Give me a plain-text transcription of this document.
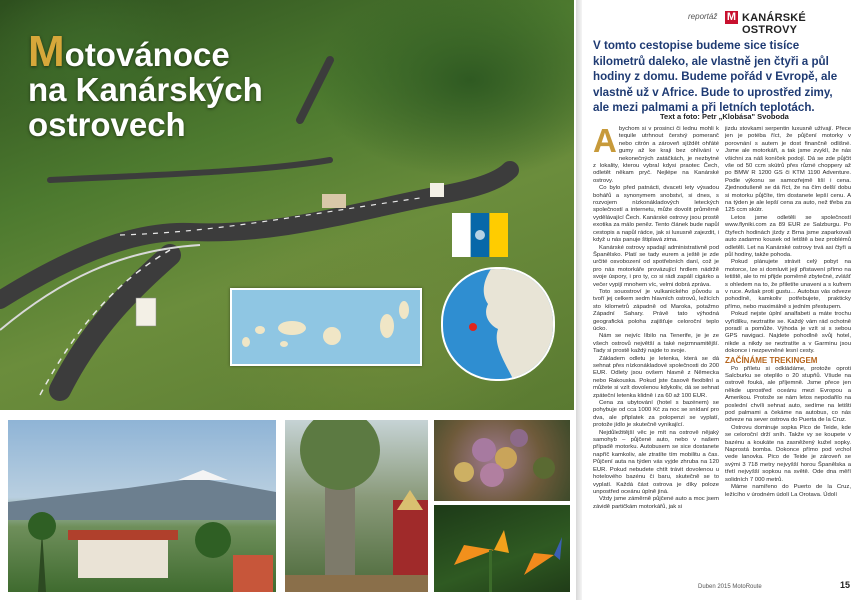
Motovánoce
na Kanárských
ostrovech
reportáž M KANÁRSKÉ OSTROVY
V tomto cestopise budeme sice tisíce kilometrů daleko, ale vlastně jen čtyři a půl hodiny z domu. Budeme pořád v Evropě, ale vlastně už v Africe. Bude to uprostřed zimy, ale mezi palmami a při letních teplotách.
Text a foto: Petr „Klobása" Svoboda

Abychom si v prosinci či lednu mohli k tequile utrhnout čerstvý pomeranč nebo citrón a zároveň sjíždět ohřáté gumy až ke kraji bez ohlívání v nekonečných zatáčkách, je nezbytné z lokality, kterou vybral kdysi praotec Čech, odletět někam pryč. Nejlépe na Kanárské ostrovy.

Co bylo před patnácti, dvaceti lety výsadou bohářů a synonymem snobství, si dnes, s rozvojem nízkonákladových leteckých společností a internetu, může dovolit průměrně vydělávající Čech. Kanárské ostrovy jsou prostě exotika za málo peněz. Tento článek bude napůl cestopis a napůl rádce, jak si luxusně zajezdit, i když u nás panuje štiplavá zima.

Kanárské ostrovy spadají administrativně pod Španělsko. Platí se tady eurem a ještě je zde určité osvobození od spotřebních daní, což je pro nás motorkáře provázující hrdlem nádržě svoje úspory, i pro ty, co si rádi zapálí cigárko a večer vypijí mnohem víc, velmi dobrá zpráva.

Toto souostroví je vulkanického původu a tvoří jej celkem sedm hlavních ostrovů, ležících sto kilometrů západně od Maroka, potažmo Západní Sahary. Právě tato výhodná geografická poloha zajišťuje celoroční teplo úcko.

Nám se nejvíc líbilo na Tenerife, je je ze všech ostrovů největší a také nejzmnamitější. Tady si prostě každý najde to svoje.

Základem odletu je letenka, která se dá sehnat přes nízkonákladové společnosti do 200 EUR. Odlety jsou ovšem hlavně z Německa nebo Rakouska. Pokud jste časově flexibilní a můžete si vzít dovolenou kdykoliv, dá se sehnat zpáteční letenka klidně i za 60 až 100 EUR.

Cena za ubytování (hotel s bazénem) se pohybuje od cca 1000 Kč za noc se snídaní pro dva, ale připlatek za polopenzi se vyplatí, protože jídlo je skutečně vynikající.

Nejdůležitější věc je mít na ostrově nějaký samohyb – půjčené auto, nebo v našem případě motorku. Autobusem se sice dostanete napříč kamkoliv, ale ztratíte tím mobilitu a čas. Půjčení auta na týden vás vyjde zhruba na 120 EUR. Pokud nebudete chtít trávit dovolenou u hotelového bazénu či baru, skutečně se to vyplatí. Každá část ostrova je díky poloze unpostřed oceánu úplně jiná.

Vždy jsme záměrně půjčené auto a moc jsem závidě partičkám motorkářů, jak si

jizdu stovkami serpentin luxusně užívají. Přece jen je potéba říct, že půjčení motorky v porovnání s autem je dost finančně odlišné. Jsme ale motorkáři, a tak jsme zvyklí, že nás všichni za náš koníček podojí. Dá se zde půjčit vše od 50 ccm skútrů přes různé choppery až po BMW R 1200 GS či KTM 1190 Adventure. Podle výkonu se samozřejmě liší i cena. Zjednodušeně se dá říct, že na čím delší dobu si motorku půjčíte, tím dostanete lepší cenu. A na týden je ale lepší cena za auto, než třeba za 125 ccm skútr.

Letos jsme odletěli se společností www.flyniki.com za 89 EUR ze Salzburgu. Po čtyřech hodinách jízdy z Brna jsme zaparkovali auto zadarmo kousek od letiště a bez problémů odletěli. Let na Kanárské ostrovy trvá asi čtyři a půl hodiny, takže pohoda.

Pokud plánujete strávit celý pobyt na motorce, lze si domluvit její přistavení přímo na letiště, ale to mi přijde poměrně zbytečné, zvlášť s ohledem na to, že přiletíte unaveni a s kufrem v ruce. Avšak proti gustu… Autobus vás odveze pohodlně, kamkoliv potřebujete, prakticky přímo, nebo maximálně s jedním přestupem.

Pokud nejste úplní analfabeti a máte trochu vyřídilku, neztratíte se. Každý vám rád ochotně poradí a pomůže. Výhoda je vzít si s sebou GPS navigaci. Najdete pohodlně svůj hotel, nikde a nikdy se neztratíte a v Garminu jsou dokonce i nezpevněné lesní cesty.

ZAČÍNÁME TREKINGEM

Po příletu si odkládáme, protože oproti Salcburku se oteplilo o 20 stupňů. Všude na ostrově fouká, ale příjemně. Jsme přece jen někde uprostřed oceánu mezi Evropou a Amerikou. Protože se nám letos nepodařilo na poslední chvíli sehnat auto, sedíme na letišti pod palmami a čekáme na autobus, co nás odveze na sever ostrova do Puerta de la Cruz.

Ostrovu dominuje sopka Pico de Teide, kde se celoroční drží sníh. Takže vy se koupete v bazénu a koukáte na zasněžený kužel sopky. Naprostá bomba. Dokonce přímo pod vrchol vede lanovka. Pico de Teide je zároveň se svými 3 718 metry nejvyšší horou Španělska a třetí nejvyšší sopkou na světě. Ode dna měří solidních 7 000 metrů.

Máme namířeno do Puerto de la Cruz, ležícího v úrodném údolí La Orotava. Údolí

Duben 2015 MotoRoute	15
